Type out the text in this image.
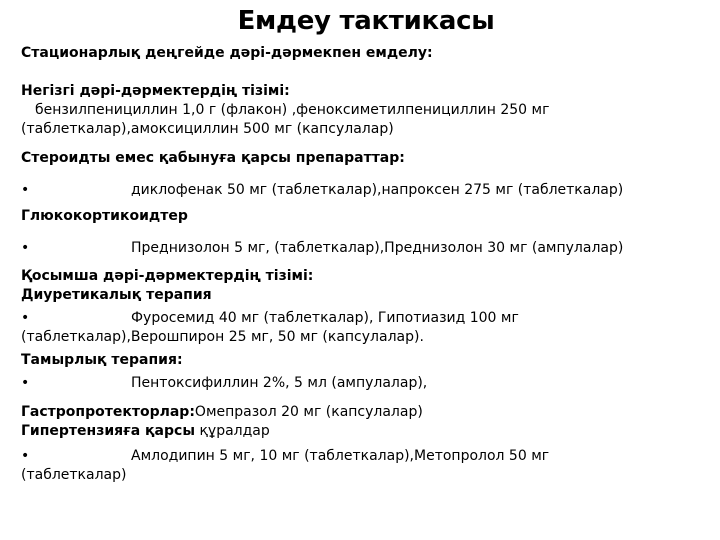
Емдеу тактикасы
Стационарлық деңгейде дәрі-дәрмекпен емделу:
Негізгі дәрі-дәрмектердің тізімі:
бензилпенициллин 1,0 г (флакон) ,феноксиметилпенициллин 250 мг
(таблеткалар),амоксициллин 500 мг (капсулалар)
Стероидты емес қабынуға қарсы препараттар:
•	диклофенак 50 мг (таблеткалар),напроксен 275 мг (таблеткалар)
Глюкокортикоидтер
•	Преднизолон 5 мг, (таблеткалар),Преднизолон 30 мг (ампулалар)
Қосымша дәрі-дәрмектердің тізімі:
Диуретикалық терапия
•	Фуросемид 40 мг (таблеткалар), Гипотиазид 100 мг
(таблеткалар),Верошпирон 25 мг, 50 мг (капсулалар).
Тамырлық терапия:
•	Пентоксифиллин 2%, 5 мл (ампулалар),
Гастропротекторлар:Омепразол 20 мг (капсулалар)
Гипертензияға қарсы құралдар
•	Амлодипин 5 мг, 10 мг (таблеткалар),Метопролол 50 мг
(таблеткалар)
